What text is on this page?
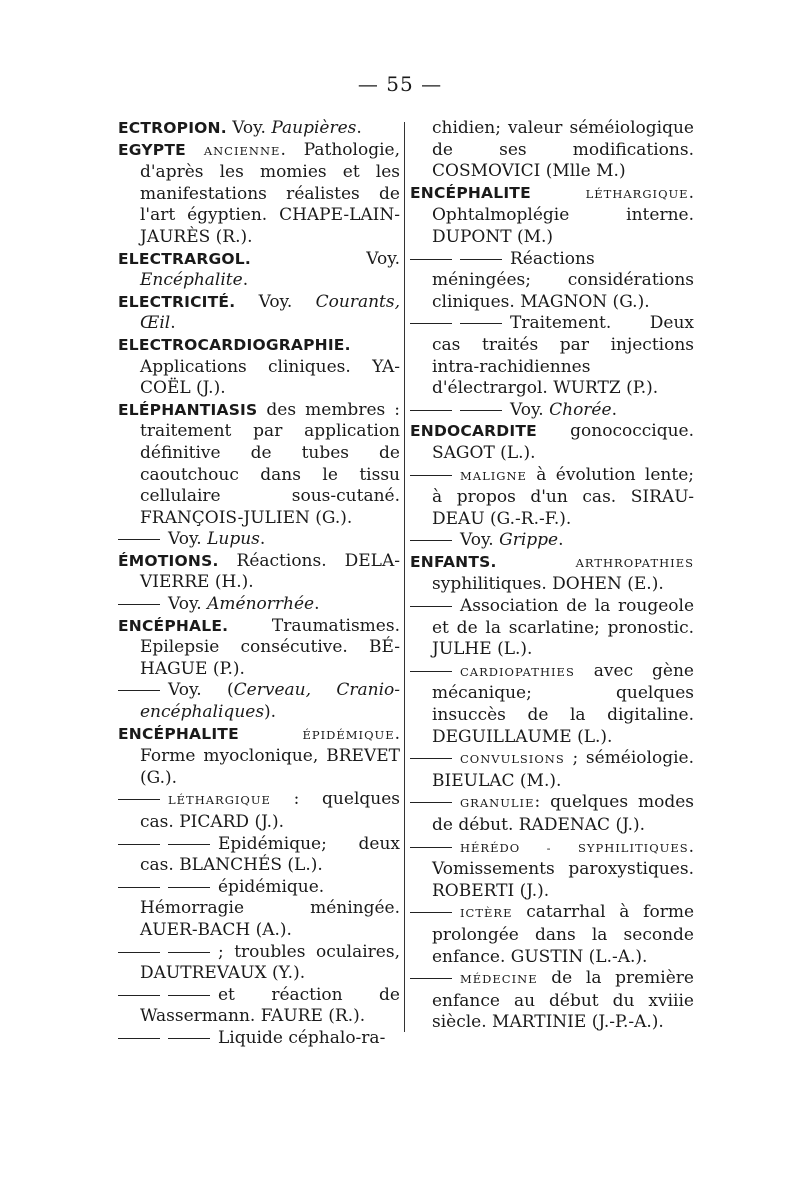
— 55 —
ECTROPION. Voy. Paupières.
EGYPTE ANCIENNE. Pathologie, d'après les momies et les manifestations réalistes de l'art égyptien. CHAPE-LAIN-JAURÈS (R.).
ELECTRARGOL. Voy. Encéphalite.
ELECTRICITÉ. Voy. Courants, Œil.
ELECTROCARDIOGRAPHIE. Applications cliniques. YA-COËL (J.).
ELÉPHANTIASIS des membres : traitement par application définitive de tubes de caoutchouc dans le tissu cellulaire sous-cutané. FRANÇOIS-JULIEN (G.).
Voy. Lupus.
ÉMOTIONS. Réactions. DELA-VIERRE (H.).
Voy. Aménorrhée.
ENCÉPHALE. Traumatismes. Epilepsie consécutive. BÉ-HAGUE (P.).
Voy. (Cerveau, Cranio-encéphaliques).
ENCÉPHALITE	ÉPIDÉMIQUE. Forme myoclonique, BREVET (G.).
LÉTHARGIQUE : quelques cas. PICARD (J.).
Epidémique; deux cas. BLANCHÉS (L.).
épidémique. Hémorragie méningée. AUER-BACH (A.).
; troubles oculaires, DAUTREVAUX (Y.).
et réaction de Wassermann. FAURE (R.).
Liquide céphalo-ra-
chidien; valeur séméiologique de ses modifications. COSMOVICI (Mlle M.)
ENCÉPHALITE	LÉTHARGIQUE. Ophtalmoplégie interne. DUPONT (M.)
Réactions méningées; considérations cliniques. MAGNON (G.).
Traitement. Deux cas traités par injections intra-rachidiennes d'électrargol. WURTZ (P.).
Voy. Chorée.
ENDOCARDITE gonococcique. SAGOT (L.).
MALIGNE à évolution lente; à propos d'un cas. SIRAU-DEAU (G.-R.-F.).
Voy. Grippe.
ENFANTS.	ARTHROPATHIES syphilitiques. DOHEN (E.).
Association de la rougeole et de la scarlatine; pronostic. JULHE (L.).
CARDIOPATHIES avec gène mécanique; quelques insuccès de la digitaline. DEGUILLAUME (L.).
CONVULSIONS ; séméiologie. BIEULAC (M.).
GRANULIE: quelques modes de début. RADENAC (J.).
HÉRÉDO - SYPHILITIQUES. Vomissements paroxystiques. ROBERTI (J.).
ICTÈRE catarrhal à forme prolongée dans la seconde enfance. GUSTIN (L.-A.).
MÉDECINE de la première enfance au début du xviiie siècle. MARTINIE (J.-P.-A.).
